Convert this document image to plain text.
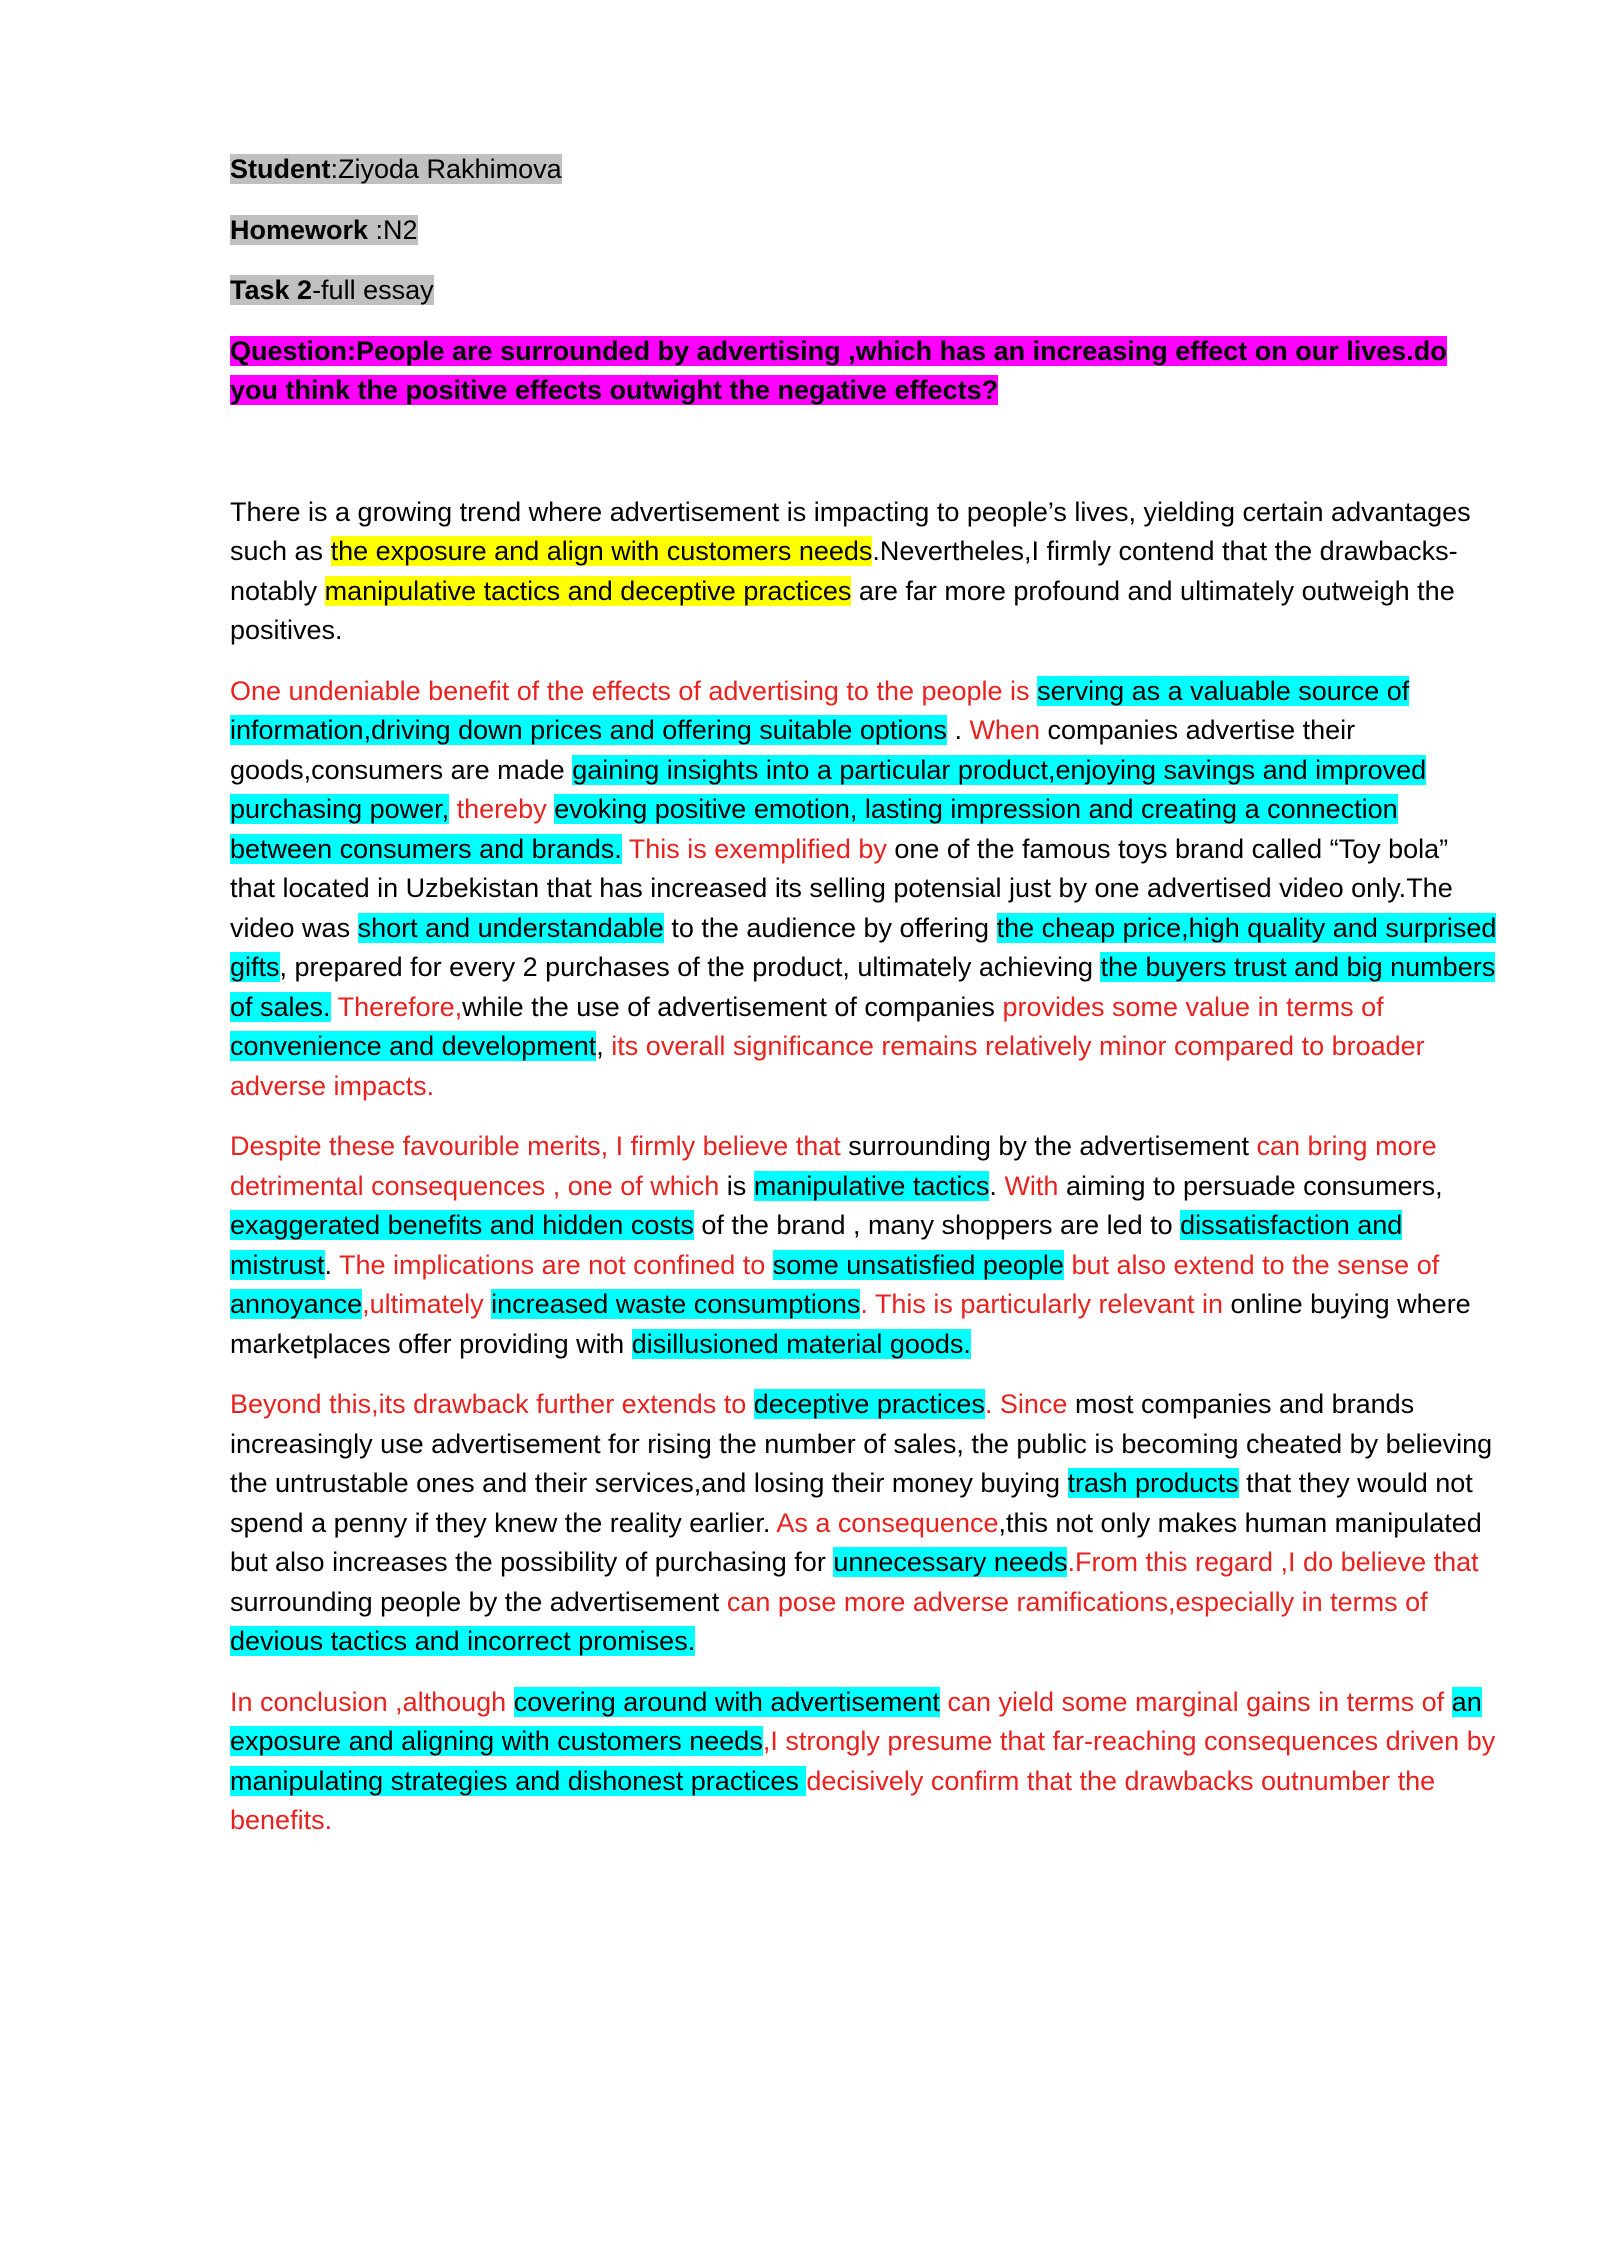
Student:Ziyoda Rakhimova

Homework :N2

Task 2-full essay

Question:People are surrounded by advertising ,which has an increasing effect on our lives.do you think the positive effects outwight the negative effects?

There is a growing trend where advertisement is impacting to people’s lives, yielding certain advantages such as the exposure and align with customers needs.Nevertheles,I firmly contend that the drawbacks- notably manipulative tactics and deceptive practices are far more profound and ultimately outweigh the positives.

One undeniable benefit of the effects of advertising to the people is serving as a valuable source of information,driving down prices and offering suitable options . When companies advertise their goods,consumers are made gaining insights into a particular product,enjoying savings and improved purchasing power, thereby evoking positive emotion, lasting impression and creating a connection between consumers and brands. This is exemplified by one of the famous toys brand called “Toy bola” that located in Uzbekistan that has increased its selling potensial just by one advertised video only.The video was short and understandable to the audience by offering the cheap price,high quality and surprised gifts, prepared for every 2 purchases of the product, ultimately achieving the buyers trust and big numbers of sales. Therefore,while the use of advertisement of companies provides some value in terms of convenience and development, its overall significance remains relatively minor compared to broader adverse impacts.

Despite these favourible merits, I firmly believe that surrounding by the advertisement can bring more detrimental consequences , one of which is manipulative tactics. With aiming to persuade consumers, exaggerated benefits and hidden costs of the brand , many shoppers are led to dissatisfaction and mistrust. The implications are not confined to some unsatisfied people but also extend to the sense of annoyance,ultimately increased waste consumptions. This is particularly relevant in online buying where marketplaces offer providing with disillusioned material goods.

Beyond this,its drawback further extends to deceptive practices. Since most companies and brands increasingly use advertisement for rising the number of sales, the public is becoming cheated by believing the untrustable ones and their services,and losing their money buying trash products that they would not spend a penny if they knew the reality earlier. As a consequence,this not only makes human manipulated but also increases the possibility of purchasing for unnecessary needs.From this regard ,I do believe that surrounding people by the advertisement can pose more adverse ramifications,especially in terms of devious tactics and incorrect promises.

In conclusion ,although covering around with advertisement can yield some marginal gains in terms of an exposure and aligning with customers needs,I strongly presume that far-reaching consequences driven by manipulating strategies and dishonest practices decisively confirm that the drawbacks outnumber the benefits.
